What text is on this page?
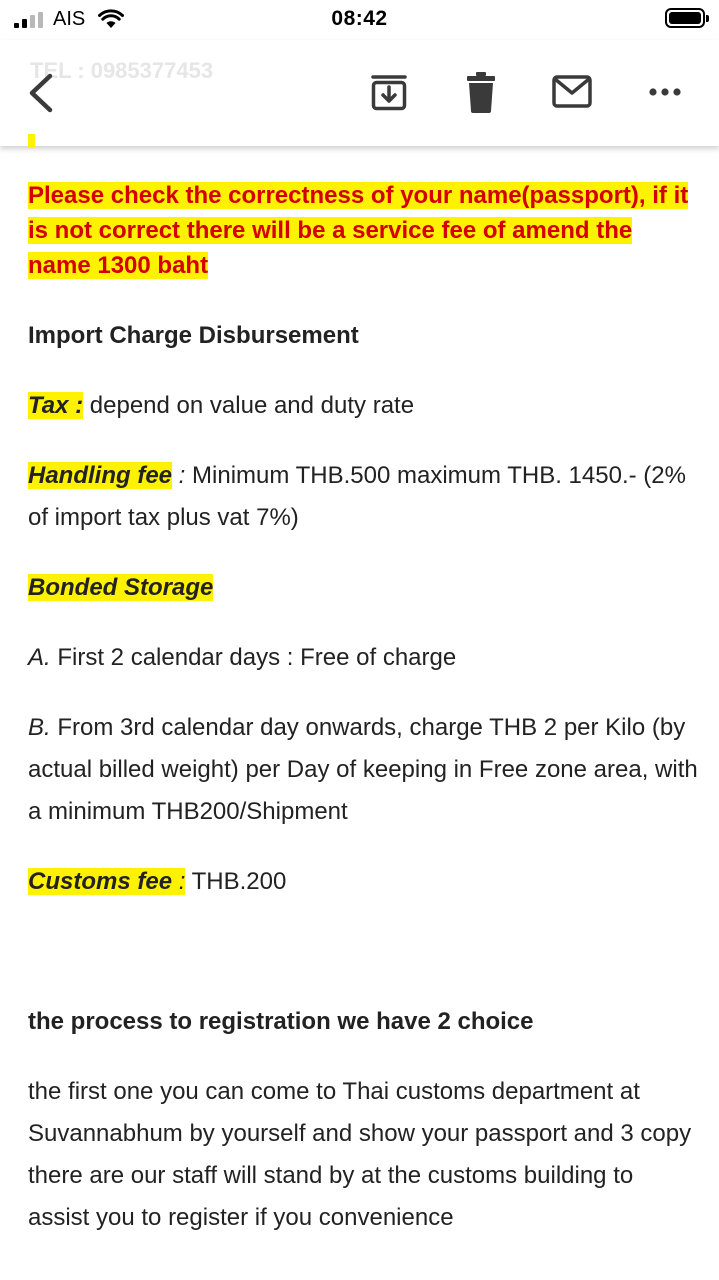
AIS	08:42
TEL : 0985377453

Please check the correctness of your name(passport), if it is not correct there will be a service fee of amend the name 1300 baht

Import Charge Disbursement

Tax : depend on value and duty rate

Handling fee : Minimum THB.500 maximum THB. 1450.- (2% of import tax plus vat 7%)

Bonded Storage

A. First 2 calendar days : Free of charge

B. From 3rd calendar day onwards, charge THB 2 per Kilo (by actual billed weight) per Day of keeping in Free zone area, with a minimum THB200/Shipment

Customs fee : THB.200

the process to registration we have 2 choice

the first one you can come to Thai customs department at Suvannabhum by yourself and show your passport and 3 copy there are our staff will stand by at the customs building to assist you to register if you convenience
